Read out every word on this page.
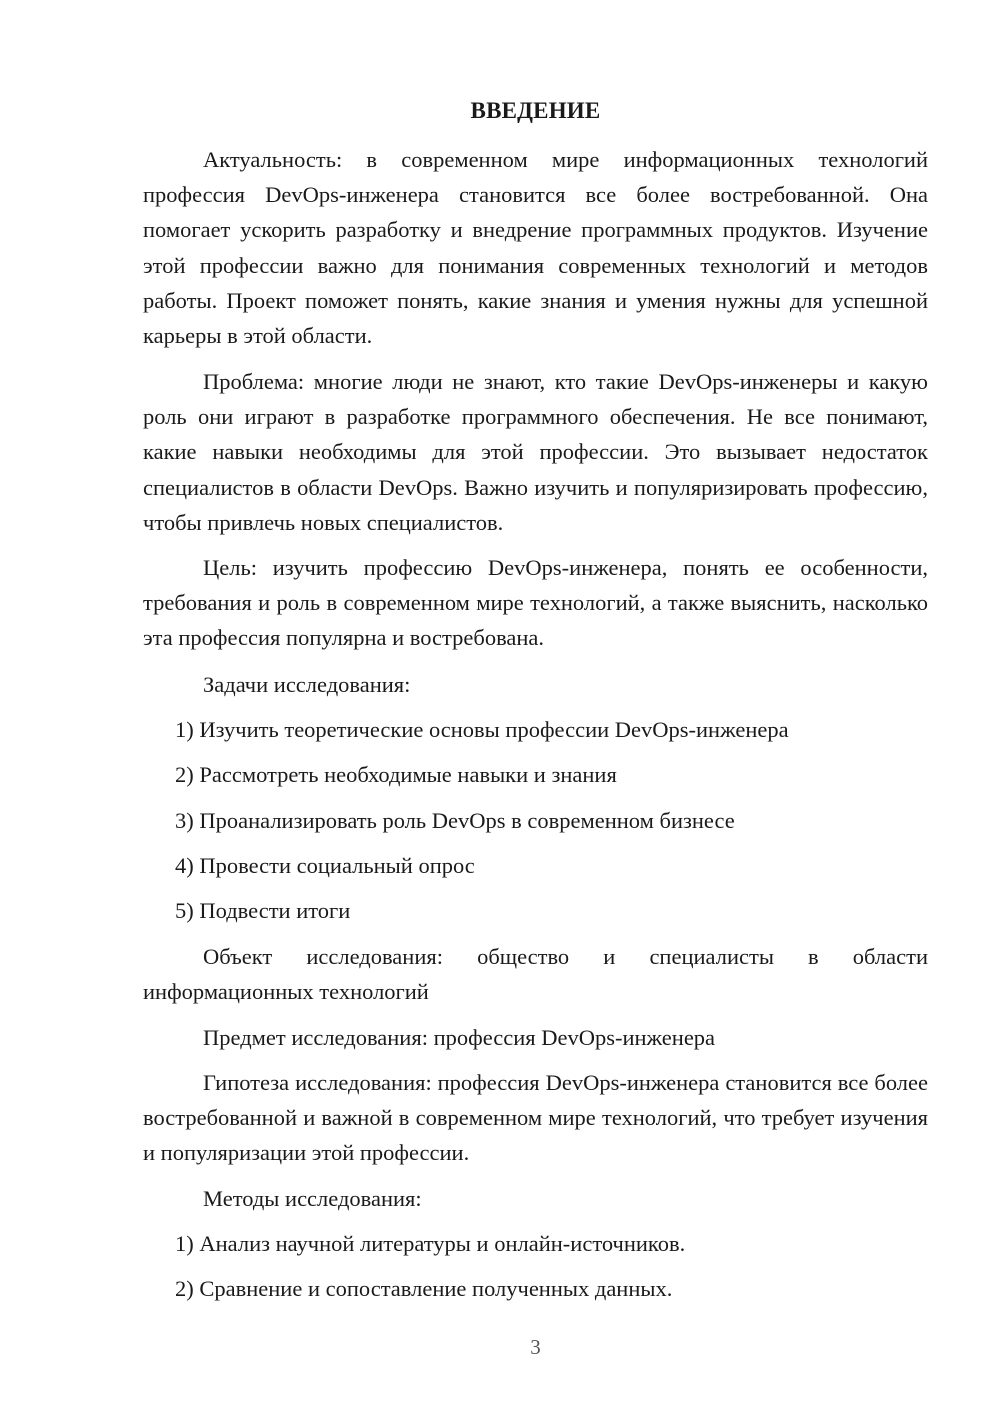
ВВЕДЕНИЕ

Актуальность: в современном мире информационных технологий профессия DevOps-инженера становится все более востребованной. Она помогает ускорить разработку и внедрение программных продуктов. Изучение этой профессии важно для понимания современных технологий и методов работы. Проект поможет понять, какие знания и умения нужны для успешной карьеры в этой области.

Проблема: многие люди не знают, кто такие DevOps-инженеры и какую роль они играют в разработке программного обеспечения. Не все понимают, какие навыки необходимы для этой профессии. Это вызывает недостаток специалистов в области DevOps. Важно изучить и популяризировать профессию, чтобы привлечь новых специалистов.

Цель: изучить профессию DevOps-инженера, понять ее особенности, требования и роль в современном мире технологий, а также выяснить, насколько эта профессия популярна и востребована.

Задачи исследования:

1) Изучить теоретические основы профессии DevOps-инженера

2) Рассмотреть необходимые навыки и знания

3) Проанализировать роль DevOps в современном бизнесе

4) Провести социальный опрос

5) Подвести итоги

Объект исследования: общество и специалисты в области информационных технологий

Предмет исследования: профессия DevOps-инженера

Гипотеза исследования: профессия DevOps-инженера становится все более востребованной и важной в современном мире технологий, что требует изучения и популяризации этой профессии.

Методы исследования:

1) Анализ научной литературы и онлайн-источников.

2) Сравнение и сопоставление полученных данных.

3
